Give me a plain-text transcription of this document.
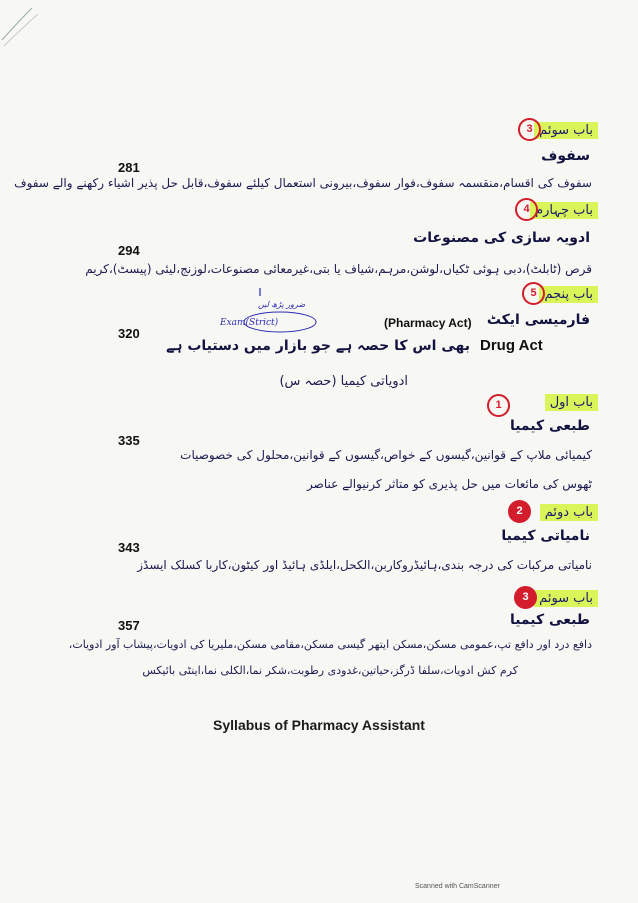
281
294
320
335
343
357
باب سوئم
3
سفوف
سفوف کی اقسام،منقسمہ سفوف،فوار سفوف،بیرونی استعمال کیلئے سفوف،قابل حل پذیر اشیاء رکھنے والے سفوف
باب چہارم
4
ادویہ سازی کی مصنوعات
قرص (ٹابلٹ)،دبی ہوئی ٹکیاں،لوشن،مرہم،شیاف یا بتی،غیرمعائی مصنوعات،لوزنج،لیئی (پیسٹ)،کریم
باب پنجم
5
فارمیسی ایکٹ
(Pharmacy Act)
ضرور پڑھ لیں
Exam(Strict)
Drug Act
بھی اس کا حصہ ہے جو بازار میں دستیاب ہے
ادویاتی کیمیا (حصہ س)
باب اول
1
طبعی کیمیا
کیمیائی ملاپ کے قوانین،گیسوں کے خواص،گیسوں کے قوانین،محلول کی خصوصیات
ٹھوس کی مائعات میں حل پذیری کو متاثر کرنیوالے عناصر
باب دوئم
2
نامیاتی کیمیا
نامیاتی مرکبات کی درجہ بندی،ہائیڈروکاربن،الکحل،ایلڈی ہائیڈ اور کیٹون،کاربا کسلک ایسڈز
باب سوئم
3
طبعی کیمیا
دافع درد اور دافع تپ،عمومی مسکن،مسکن ایتھر گیسی مسکن،مقامی مسکن،ملیریا کی ادویات،پیشاب آور ادویات،
کرم کش ادویات،سلفا ڈرگز،حیاتین،غدودی رطوبت،شکر نما،الکلی نما،اینٹی بائیکس
Syllabus of Pharmacy Assistant
Scanned with CamScanner
